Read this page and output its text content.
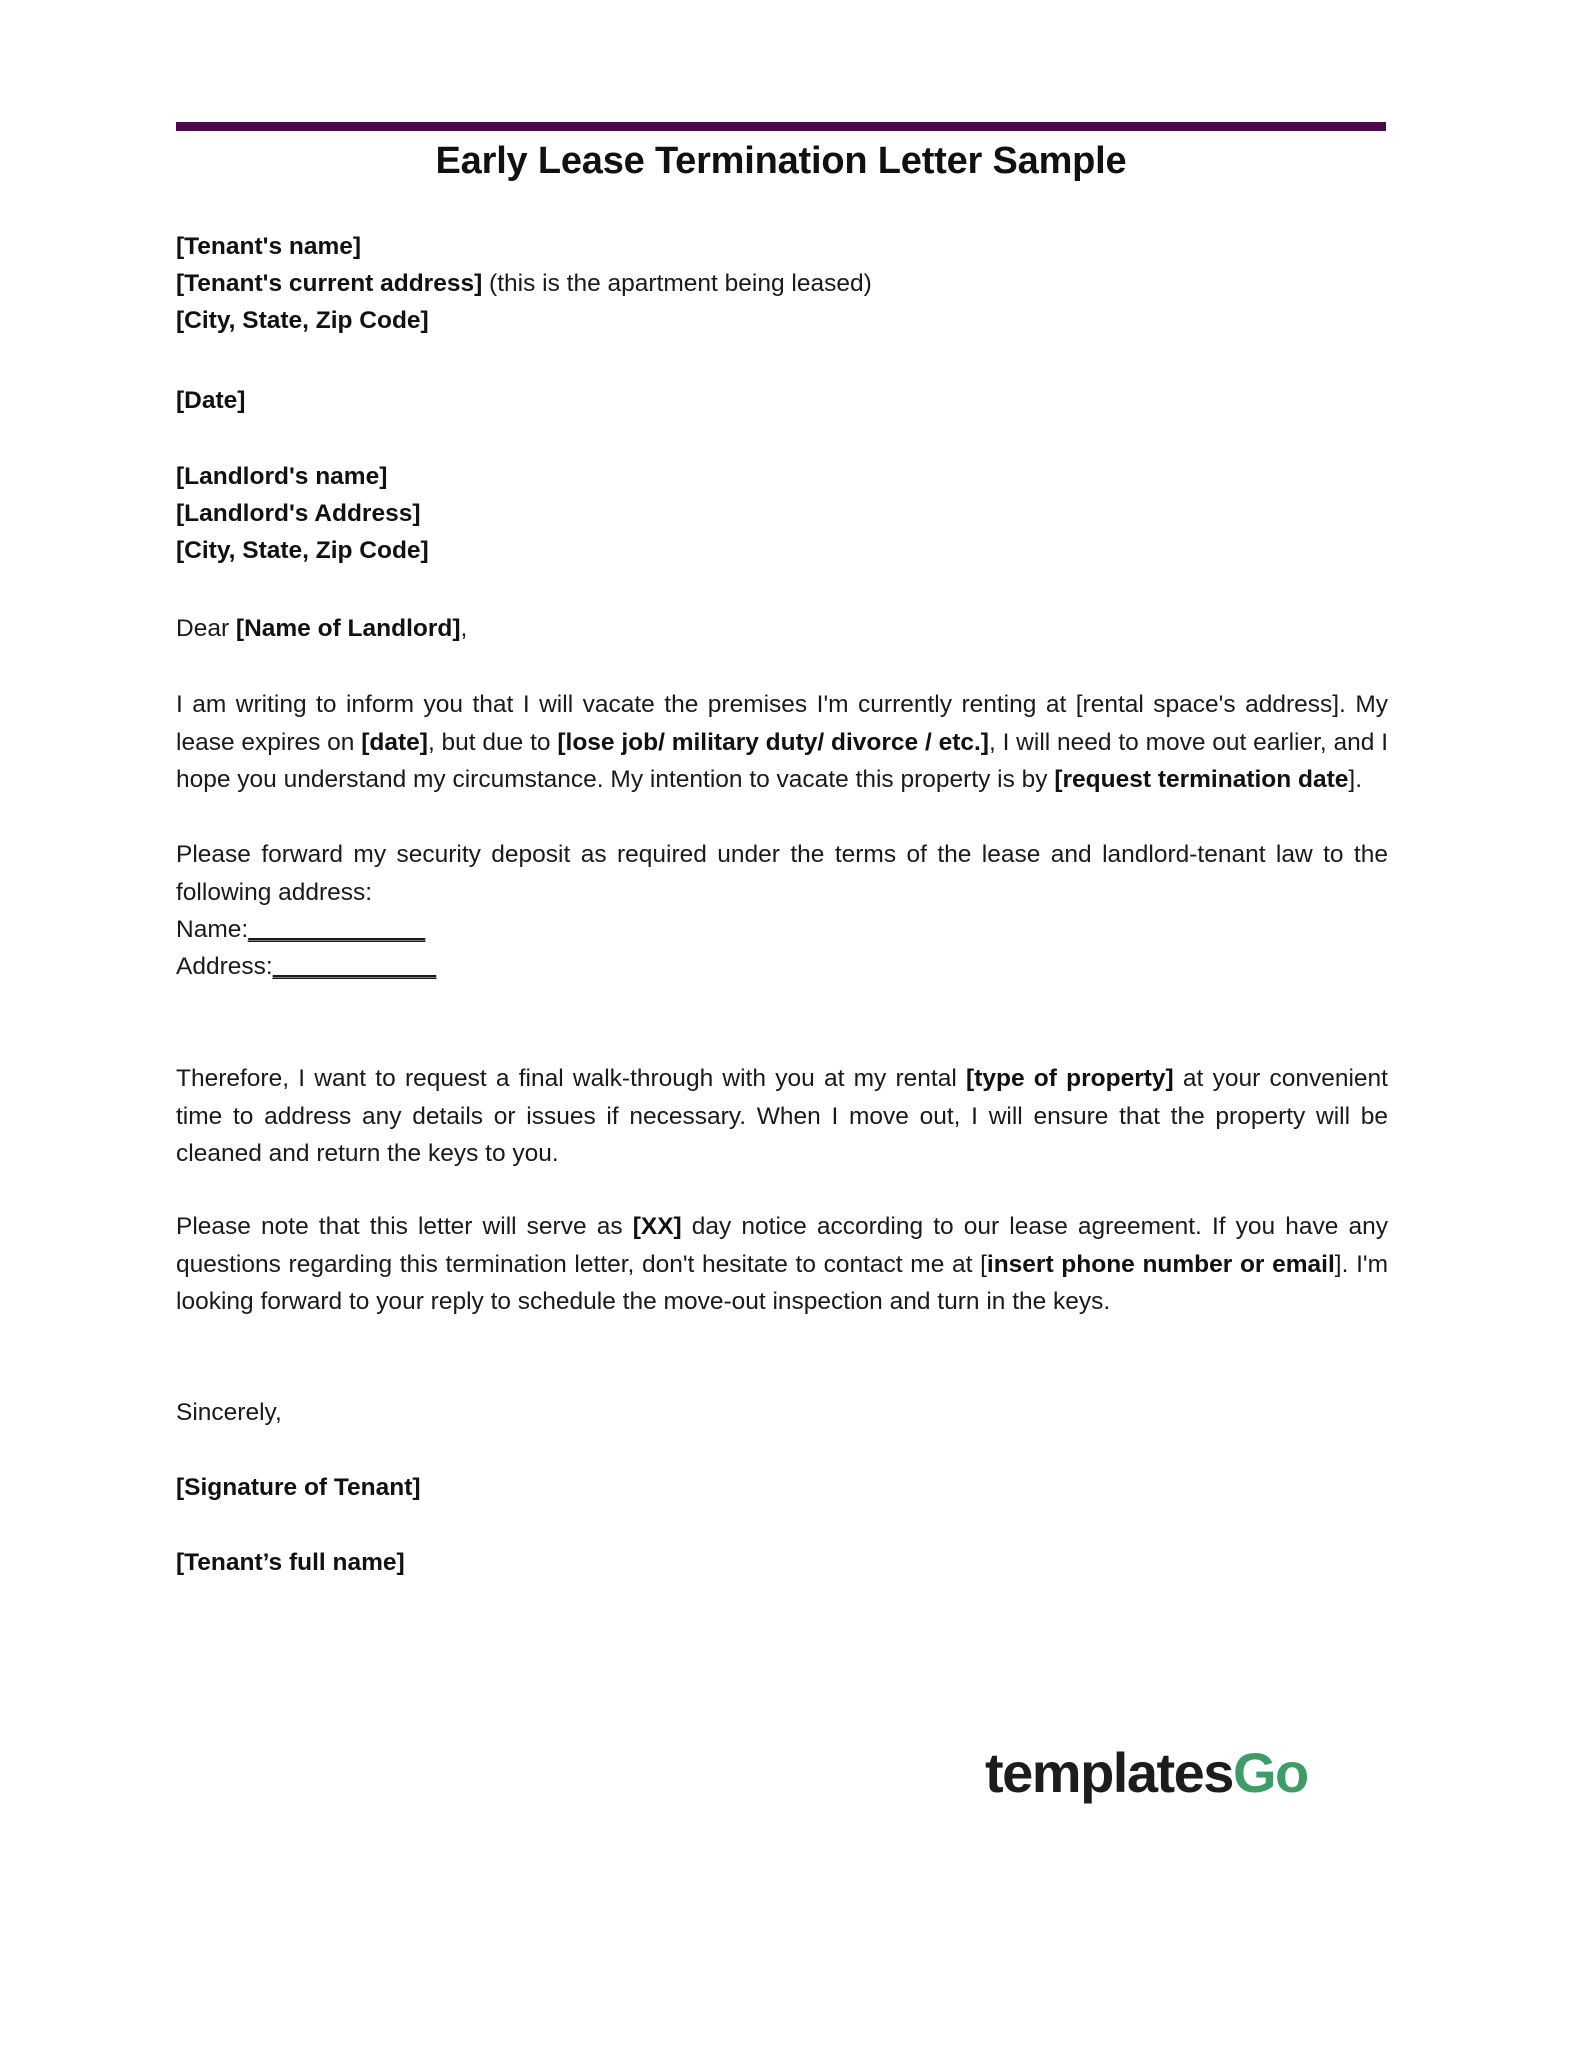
Early Lease Termination Letter Sample
[Tenant's name]
[Tenant's current address] (this is the apartment being leased)
[City, State, Zip Code]
[Date]
[Landlord's name]
[Landlord's Address]
[City, State, Zip Code]
Dear [Name of Landlord],
I am writing to inform you that I will vacate the premises I'm currently renting at [rental space's address]. My lease expires on [date], but due to [lose job/ military duty/ divorce / etc.], I will need to move out earlier, and I hope you understand my circumstance. My intention to vacate this property is by [request termination date].
Please forward my security deposit as required under the terms of the lease and landlord-tenant law to the following address:
Name:_____________
Address:____________
Therefore, I want to request a final walk-through with you at my rental [type of property] at your convenient time to address any details or issues if necessary. When I move out, I will ensure that the property will be cleaned and return the keys to you.
Please note that this letter will serve as [XX] day notice according to our lease agreement. If you have any questions regarding this termination letter, don't hesitate to contact me at [insert phone number or email]. I'm looking forward to your reply to schedule the move-out inspection and turn in the keys.
Sincerely,
[Signature of Tenant]
[Tenant’s full name]
templatesGo
